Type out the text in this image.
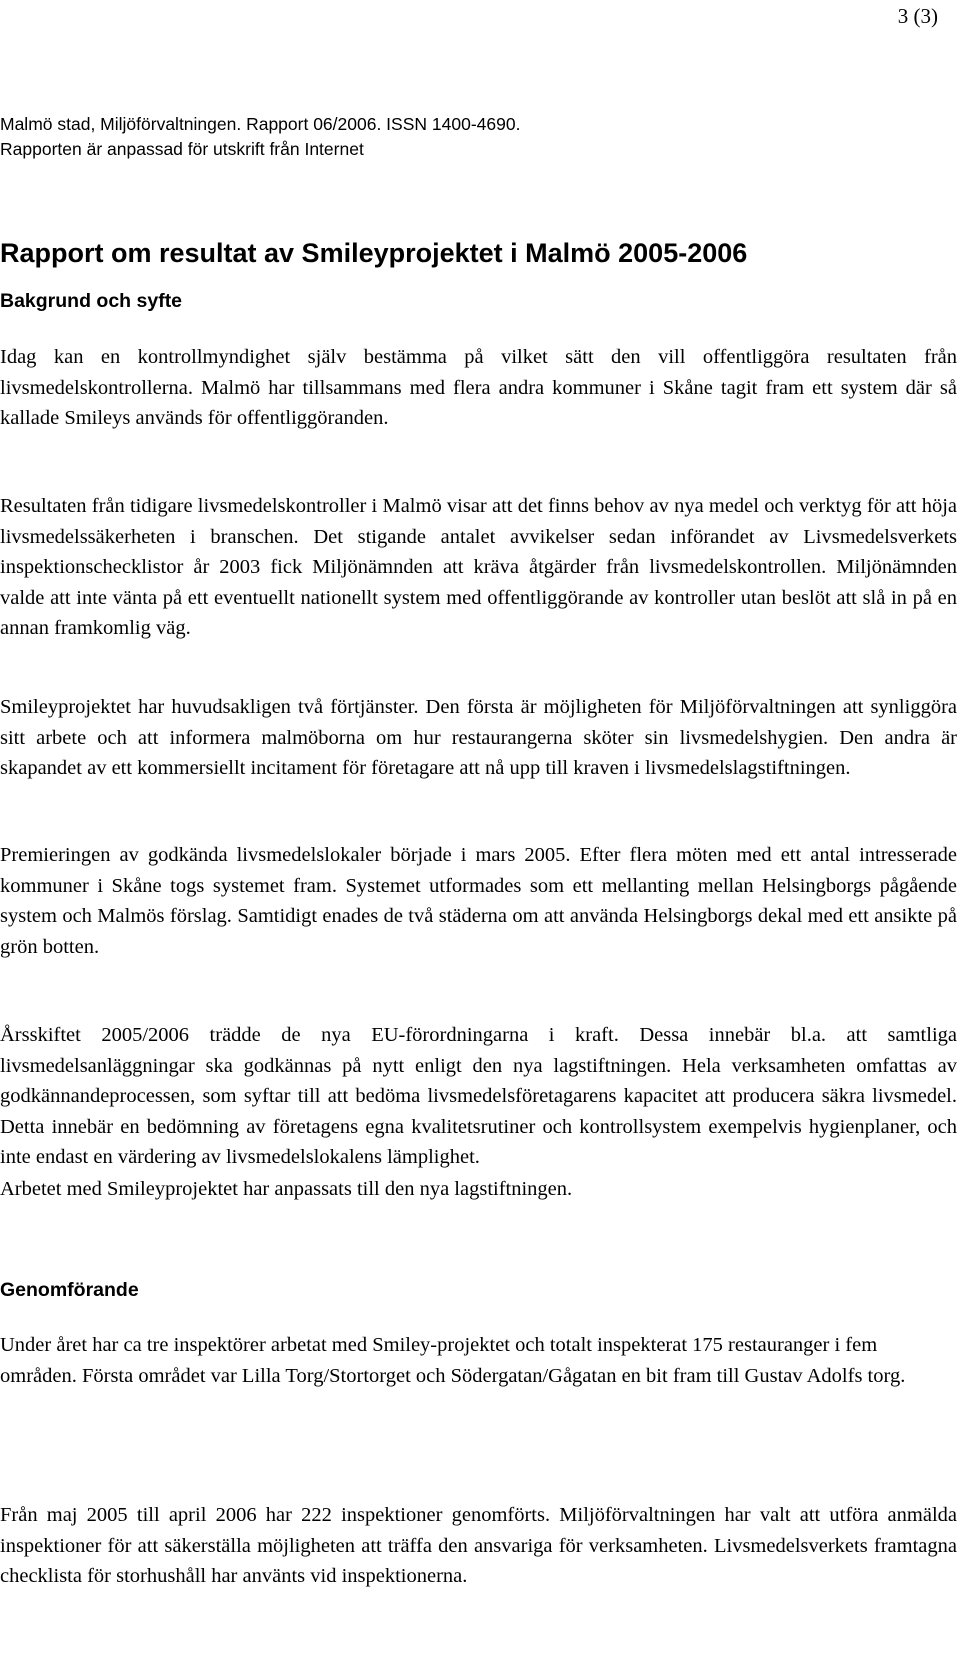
3 (3)
Malmö stad, Miljöförvaltningen. Rapport 06/2006. ISSN 1400-4690.
Rapporten är anpassad för utskrift från Internet
Rapport om resultat av Smileyprojektet i Malmö 2005-2006
Bakgrund och syfte

Idag kan en kontrollmyndighet själv bestämma på vilket sätt den vill offentliggöra resultaten från livsmedelskontrollerna. Malmö har tillsammans med flera andra kommuner i Skåne tagit fram ett system där så kallade Smileys används för offentliggöranden.

Resultaten från tidigare livsmedelskontroller i Malmö visar att det finns behov av nya medel och verktyg för att höja livsmedelssäkerheten i branschen. Det stigande antalet avvikelser sedan införandet av Livsmedelsverkets inspektionschecklistor år 2003 fick Miljönämnden att kräva åtgärder från livsmedelskontrollen. Miljönämnden valde att inte vänta på ett eventuellt nationellt system med offentliggörande av kontroller utan beslöt att slå in på en annan framkomlig väg.

Smileyprojektet har huvudsakligen två förtjänster. Den första är möjligheten för Miljöförvaltningen att synliggöra sitt arbete och att informera malmöborna om hur restaurangerna sköter sin livsmedelshygien. Den andra är skapandet av ett kommersiellt incitament för företagare att nå upp till kraven i livsmedelslagstiftningen.

Premieringen av godkända livsmedelslokaler började i mars 2005. Efter flera möten med ett antal intresserade kommuner i Skåne togs systemet fram. Systemet utformades som ett mellanting mellan Helsingborgs pågående system och Malmös förslag. Samtidigt enades de två städerna om att använda Helsingborgs dekal med ett ansikte på grön botten.

Årsskiftet 2005/2006 trädde de nya EU-förordningarna i kraft. Dessa innebär bl.a. att samtliga livsmedelsanläggningar ska godkännas på nytt enligt den nya lagstiftningen. Hela verksamheten omfattas av godkännandeprocessen, som syftar till att bedöma livsmedelsföretagarens kapacitet att producera säkra livsmedel. Detta innebär en bedömning av företagens egna kvalitetsrutiner och kontrollsystem exempelvis hygienplaner, och inte endast en värdering av livsmedelslokalens lämplighet.

Arbetet med Smileyprojektet har anpassats till den nya lagstiftningen.

Genomförande

Under året har ca tre inspektörer arbetat med Smiley-projektet och totalt inspekterat 175 restauranger i fem områden. Första området var Lilla Torg/Stortorget och Södergatan/Gågatan en bit fram till Gustav Adolfs torg.

Från maj 2005 till april 2006 har 222 inspektioner genomförts. Miljöförvaltningen har valt att utföra anmälda inspektioner för att säkerställa möjligheten att träffa den ansvariga för verksamheten. Livsmedelsverkets framtagna checklista för storhushåll har använts vid inspektionerna.
